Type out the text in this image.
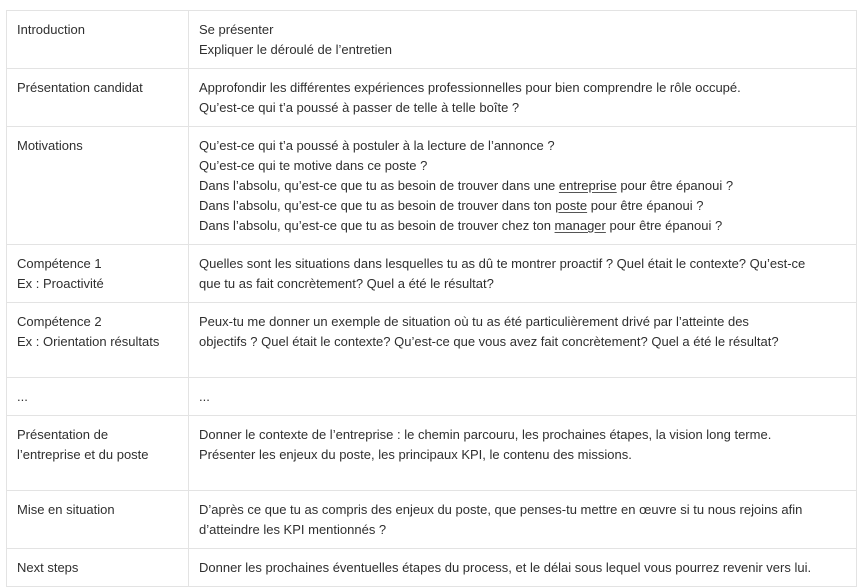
Introduction	Se présenter
Expliquer le déroulé de l’entretien

Présentation candidat	Approfondir les différentes expériences professionnelles pour bien comprendre le rôle occupé.
Qu’est-ce qui t’a poussé à passer de telle à telle boîte ?

Motivations	Qu’est-ce qui t’a poussé à postuler à la lecture de l’annonce ?
Qu’est-ce qui te motive dans ce poste ?
Dans l’absolu, qu’est-ce que tu as besoin de trouver dans une entreprise pour être épanoui ?
Dans l’absolu, qu’est-ce que tu as besoin de trouver dans ton poste pour être épanoui ?
Dans l’absolu, qu’est-ce que tu as besoin de trouver chez ton manager pour être épanoui ?

Compétence 1
Ex : Proactivité	Quelles sont les situations dans lesquelles tu as dû te montrer proactif ? Quel était le contexte? Qu’est-ce
que tu as fait concrètement? Quel a été le résultat?

Compétence 2
Ex : Orientation résultats	Peux-tu me donner un exemple de situation où tu as été particulièrement drivé par l’atteinte des
objectifs ? Quel était le contexte? Qu’est-ce que vous avez fait concrètement? Quel a été le résultat?

...	...

Présentation de
l’entreprise et du poste	Donner le contexte de l’entreprise : le chemin parcouru, les prochaines étapes, la vision long terme.
Présenter les enjeux du poste, les principaux KPI, le contenu des missions.

Mise en situation	D’après ce que tu as compris des enjeux du poste, que penses-tu mettre en œuvre si tu nous rejoins afin
d’atteindre les KPI mentionnés ?

Next steps	Donner les prochaines éventuelles étapes du process, et le délai sous lequel vous pourrez revenir vers lui.
